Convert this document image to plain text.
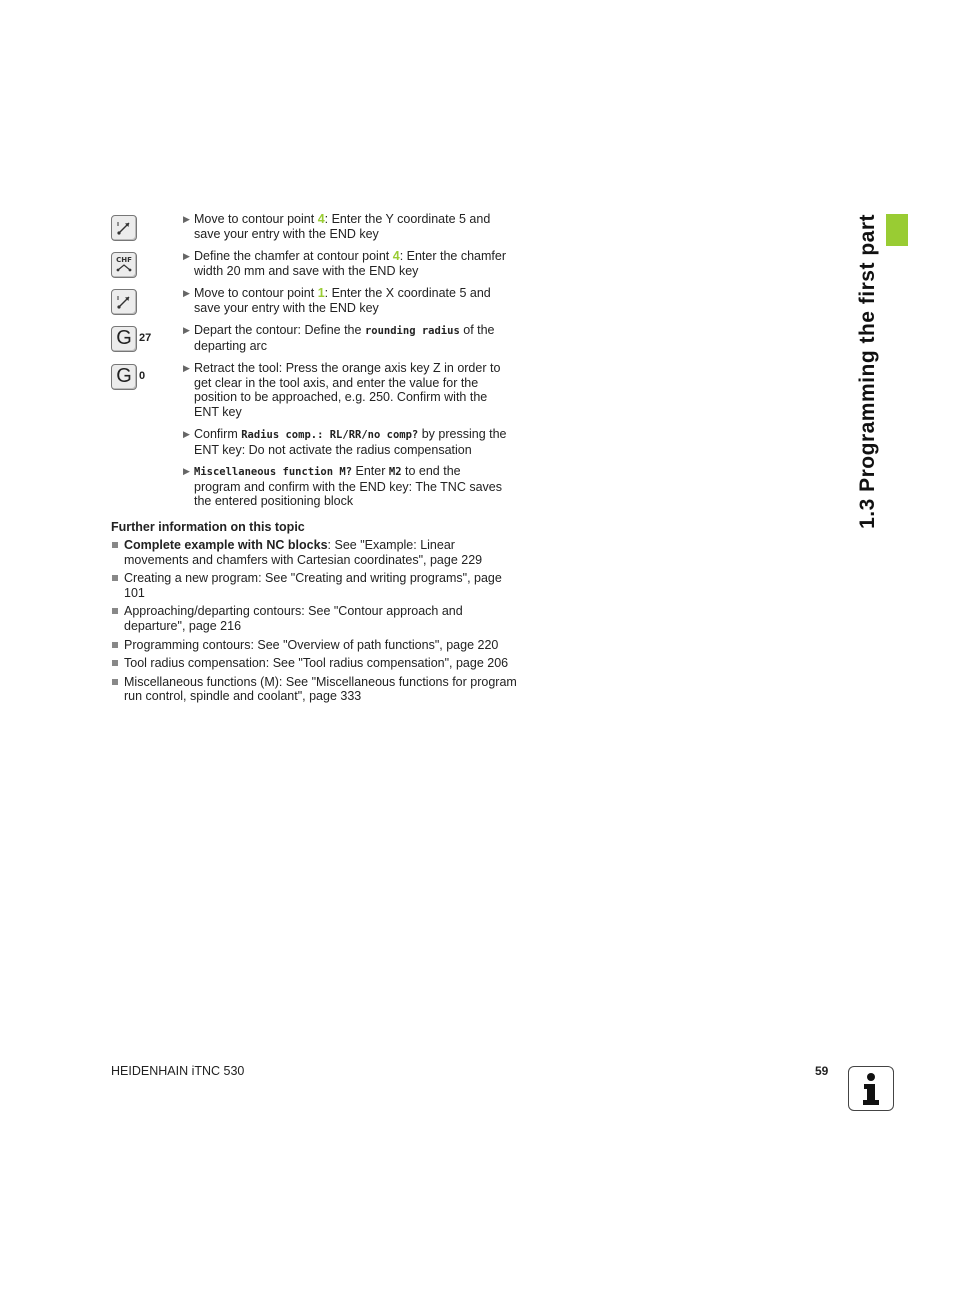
1.3 Programming the first part
▶ Move to contour point 4: Enter the Y coordinate 5 and save your entry with the END key
CHF	▶ Define the chamfer at contour point 4: Enter the chamfer width 20 mm and save with the END key
▶ Move to contour point 1: Enter the X coordinate 5 and save your entry with the END key
G 27
▶ Depart the contour: Define the rounding radius of the departing arc
G 0
▶ Retract the tool: Press the orange axis key Z in order to get clear in the tool axis, and enter the value for the position to be approached, e.g. 250. Confirm with the ENT key
▶ Confirm Radius comp.: RL/RR/no comp? by pressing the ENT key: Do not activate the radius compensation
▶ Miscellaneous function M? Enter M2 to end the program and confirm with the END key: The TNC saves the entered positioning block
Further information on this topic
Complete example with NC blocks: See "Example: Linear movements and chamfers with Cartesian coordinates", page 229
Creating a new program: See "Creating and writing programs", page 101
Approaching/departing contours: See "Contour approach and departure", page 216
Programming contours: See "Overview of path functions", page 220
Tool radius compensation: See "Tool radius compensation", page 206
Miscellaneous functions (M): See "Miscellaneous functions for program run control, spindle and coolant", page 333
HEIDENHAIN iTNC 530	59
